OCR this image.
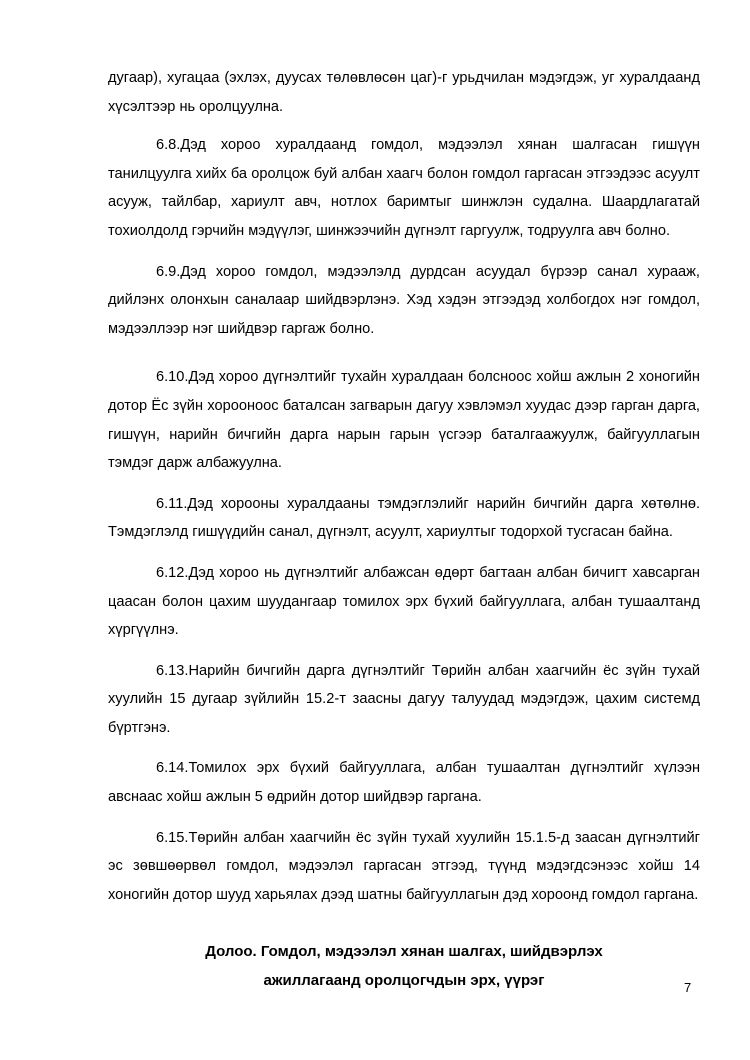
дугаар), хугацаа (эхлэх, дуусах төлөвлөсөн цаг)-г урьдчилан мэдэгдэж, уг хуралдаанд хүсэлтээр нь оролцуулна.

6.8.Дэд хороо хуралдаанд гомдол, мэдээлэл хянан шалгасан гишүүн танилцуулга хийх ба оролцож буй албан хаагч болон гомдол гаргасан этгээдээс асуулт асууж, тайлбар, хариулт авч, нотлох баримтыг шинжлэн судална. Шаардлагатай тохиолдолд гэрчийн мэдүүлэг, шинжээчийн дүгнэлт гаргуулж, тодруулга авч болно.

6.9.Дэд хороо гомдол, мэдээлэлд дурдсан асуудал бүрээр санал хурааж, дийлэнх олонхын саналаар шийдвэрлэнэ. Хэд хэдэн этгээдэд холбогдох нэг гомдол, мэдээллээр нэг шийдвэр гаргаж болно.

6.10.Дэд хороо дүгнэлтийг тухайн хуралдаан болсноос хойш ажлын 2 хоногийн дотор Ёс зүйн хорооноос баталсан загварын дагуу хэвлэмэл хуудас дээр гарган дарга, гишүүн, нарийн бичгийн дарга нарын гарын үсгээр баталгаажуулж, байгууллагын тэмдэг дарж албажуулна.

6.11.Дэд хорооны хуралдааны тэмдэглэлийг нарийн бичгийн дарга хөтөлнө. Тэмдэглэлд гишүүдийн санал, дүгнэлт, асуулт, хариултыг тодорхой тусгасан байна.

6.12.Дэд хороо нь дүгнэлтийг албажсан өдөрт багтаан албан бичигт хавсарган цаасан болон цахим шуудангаар томилох эрх бүхий байгууллага, албан тушаалтанд хүргүүлнэ.

6.13.Нарийн бичгийн дарга дүгнэлтийг Төрийн албан хаагчийн ёс зүйн тухай хуулийн 15 дугаар зүйлийн 15.2-т заасны дагуу талуудад мэдэгдэж, цахим системд бүртгэнэ.

6.14.Томилох эрх бүхий байгууллага, албан тушаалтан дүгнэлтийг хүлээн авснаас хойш ажлын 5 өдрийн дотор шийдвэр гаргана.

6.15.Төрийн албан хаагчийн ёс зүйн тухай хуулийн 15.1.5-д заасан дүгнэлтийг эс зөвшөөрвөл гомдол, мэдээлэл гаргасан этгээд, түүнд мэдэгдсэнээс хойш 14 хоногийн дотор шууд харьялах дээд шатны байгууллагын дэд хороонд гомдол гаргана.

Долоо. Гомдол, мэдээлэл хянан шалгах, шийдвэрлэх
ажиллагаанд оролцогчдын эрх, үүрэг	7
